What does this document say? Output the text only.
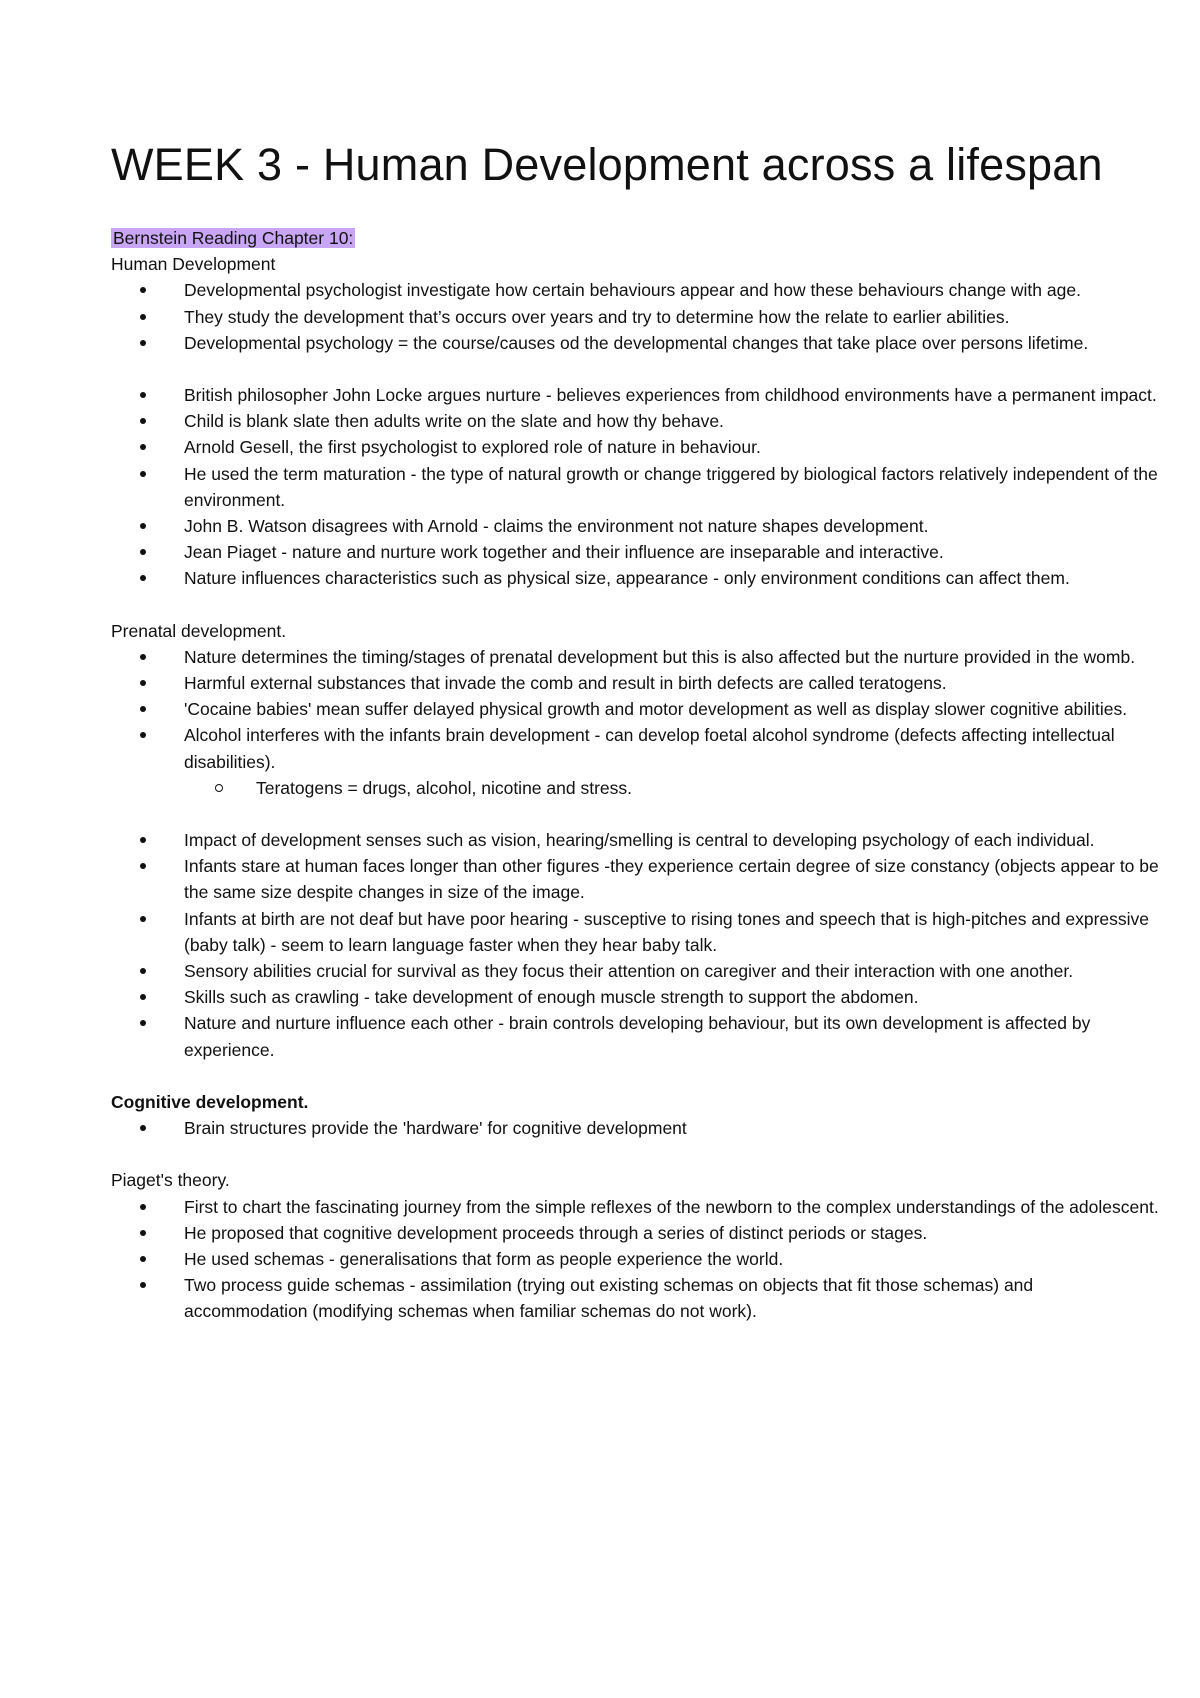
WEEK 3 - Human Development across a lifespan

Bernstein Reading Chapter 10:

Human Development

Developmental psychologist investigate how certain behaviours appear and how these behaviours change with age.
They study the development that’s occurs over years and try to determine how the relate to earlier abilities.
Developmental psychology = the course/causes od the developmental changes that take place over persons lifetime.
British philosopher John Locke argues nurture - believes experiences from childhood environments have a permanent impact.
Child is blank slate then adults write on the slate and how thy behave.
Arnold Gesell, the first psychologist to explored role of nature in behaviour.
He used the term maturation - the type of natural growth or change triggered by biological factors relatively independent of the environment.
John B. Watson disagrees with Arnold - claims the environment not nature shapes development.
Jean Piaget - nature and nurture work together and their influence are inseparable and interactive.
Nature influences characteristics such as physical size, appearance - only environment conditions can affect them.

Prenatal development.

Nature determines the timing/stages of prenatal development but this is also affected but the nurture provided in the womb.
Harmful external substances that invade the comb and result in birth defects are called teratogens.
'Cocaine babies' mean suffer delayed physical growth and motor development as well as display slower cognitive abilities.
Alcohol interferes with the infants brain development - can develop foetal alcohol syndrome (defects affecting intellectual disabilities).
Teratogens = drugs, alcohol, nicotine and stress.
Impact of development senses such as vision, hearing/smelling is central to developing psychology of each individual.
Infants stare at human faces longer than other figures -they experience certain degree of size constancy (objects appear to be the same size despite changes in size of the image.
Infants at birth are not deaf but have poor hearing - susceptive to rising tones and speech that is high-pitches and expressive (baby talk) - seem to learn language faster when they hear baby talk.
Sensory abilities crucial for survival as they focus their attention on caregiver and their interaction with one another.
Skills such as crawling - take development of enough muscle strength to support the abdomen.
Nature and nurture influence each other - brain controls developing behaviour, but its own development is affected by experience.

Cognitive development.

Brain structures provide the 'hardware' for cognitive development

Piaget's theory.

First to chart the fascinating journey from the simple reflexes of the newborn to the complex understandings of the adolescent.
He proposed that cognitive development proceeds through a series of distinct periods or stages.
He used schemas - generalisations that form as people experience the world.
Two process guide schemas - assimilation (trying out existing schemas on objects that fit those schemas) and accommodation (modifying schemas when familiar schemas do not work).
